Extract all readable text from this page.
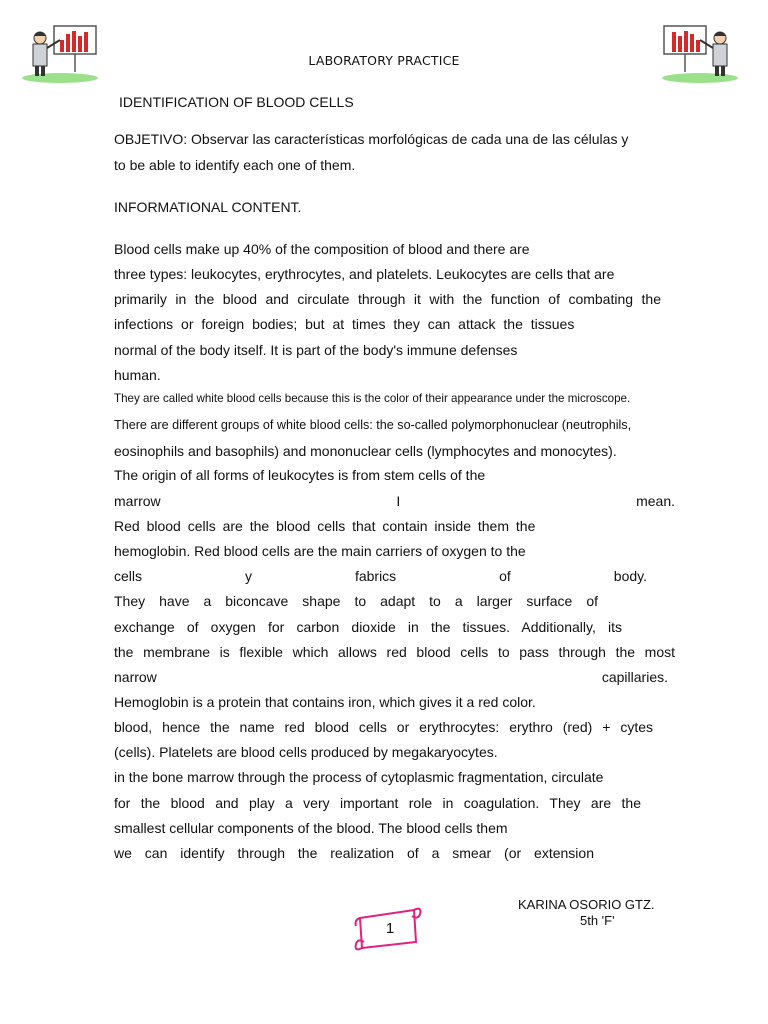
LABORATORY PRACTICE
IDENTIFICATION OF BLOOD CELLS
OBJETIVO: Observar las características morfológicas de cada una de las células y
to be able to identify each one of them.
INFORMATIONAL CONTENT.
Blood cells make up 40% of the composition of blood and there are
three types: leukocytes, erythrocytes, and platelets. Leukocytes are cells that are
primarily in the blood and circulate through it with the function of combating the
infections or foreign bodies; but at times they can attack the tissues
normal of the body itself. It is part of the body's immune defenses
human.
They are called white blood cells because this is the color of their appearance under the microscope.
There are different groups of white blood cells: the so-called polymorphonuclear (neutrophils,
eosinophils and basophils) and mononuclear cells (lymphocytes and monocytes).
The origin of all forms of leukocytes is from stem cells of the
marrow I mean.
Red blood cells are the blood cells that contain inside them the
hemoglobin. Red blood cells are the main carriers of oxygen to the
cells y fabrics of body.
They have a biconcave shape to adapt to a larger surface of
exchange of oxygen for carbon dioxide in the tissues. Additionally, its
the membrane is flexible which allows red blood cells to pass through the most
narrow capillaries.
Hemoglobin is a protein that contains iron, which gives it a red color.
blood, hence the name red blood cells or erythrocytes: erythro (red) + cytes
(cells). Platelets are blood cells produced by megakaryocytes.
in the bone marrow through the process of cytoplasmic fragmentation, circulate
for the blood and play a very important role in coagulation. They are the
smallest cellular components of the blood. The blood cells them
we can identify through the realization of a smear (or extension
KARINA OSORIO GTZ.
5th 'F'
1
